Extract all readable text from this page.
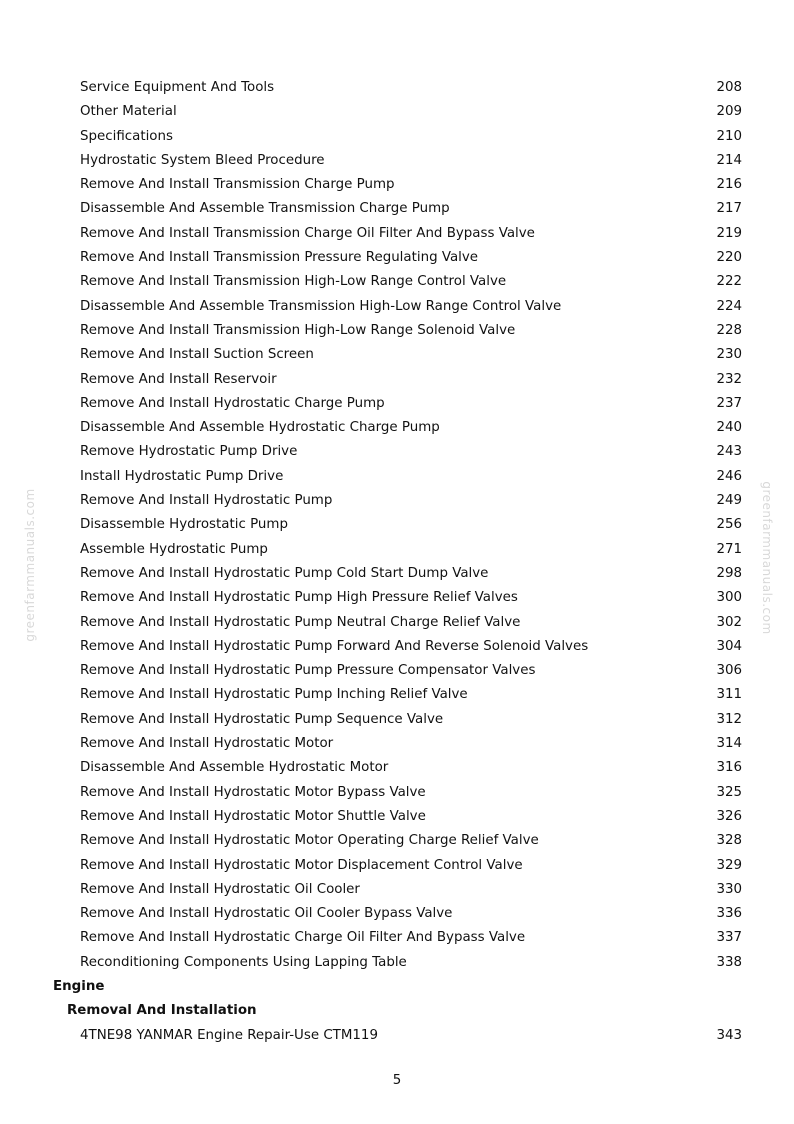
greenfarmmanuals.com	greenfarmmanuals.com
Service Equipment And Tools	208
Other Material	209
Specifications	210
Hydrostatic System Bleed Procedure	214
Remove And Install Transmission Charge Pump	216
Disassemble And Assemble Transmission Charge Pump	217
Remove And Install Transmission Charge Oil Filter And Bypass Valve	219
Remove And Install Transmission Pressure Regulating Valve	220
Remove And Install Transmission High-Low Range Control Valve	222
Disassemble And Assemble Transmission High-Low Range Control Valve	224
Remove And Install Transmission High-Low Range Solenoid Valve	228
Remove And Install Suction Screen	230
Remove And Install Reservoir	232
Remove And Install Hydrostatic Charge Pump	237
Disassemble And Assemble Hydrostatic Charge Pump	240
Remove Hydrostatic Pump Drive	243
Install Hydrostatic Pump Drive	246
Remove And Install Hydrostatic Pump	249
Disassemble Hydrostatic Pump	256
Assemble Hydrostatic Pump	271
Remove And Install Hydrostatic Pump Cold Start Dump Valve	298
Remove And Install Hydrostatic Pump High Pressure Relief Valves	300
Remove And Install Hydrostatic Pump Neutral Charge Relief Valve	302
Remove And Install Hydrostatic Pump Forward And Reverse Solenoid Valves	304
Remove And Install Hydrostatic Pump Pressure Compensator Valves	306
Remove And Install Hydrostatic Pump Inching Relief Valve	311
Remove And Install Hydrostatic Pump Sequence Valve	312
Remove And Install Hydrostatic Motor	314
Disassemble And Assemble Hydrostatic Motor	316
Remove And Install Hydrostatic Motor Bypass Valve	325
Remove And Install Hydrostatic Motor Shuttle Valve	326
Remove And Install Hydrostatic Motor Operating Charge Relief Valve	328
Remove And Install Hydrostatic Motor Displacement Control Valve	329
Remove And Install Hydrostatic Oil Cooler	330
Remove And Install Hydrostatic Oil Cooler Bypass Valve	336
Remove And Install Hydrostatic Charge Oil Filter And Bypass Valve	337
Reconditioning Components Using Lapping Table	338
Engine
Removal And Installation
4TNE98 YANMAR Engine Repair-Use CTM119	343
5
